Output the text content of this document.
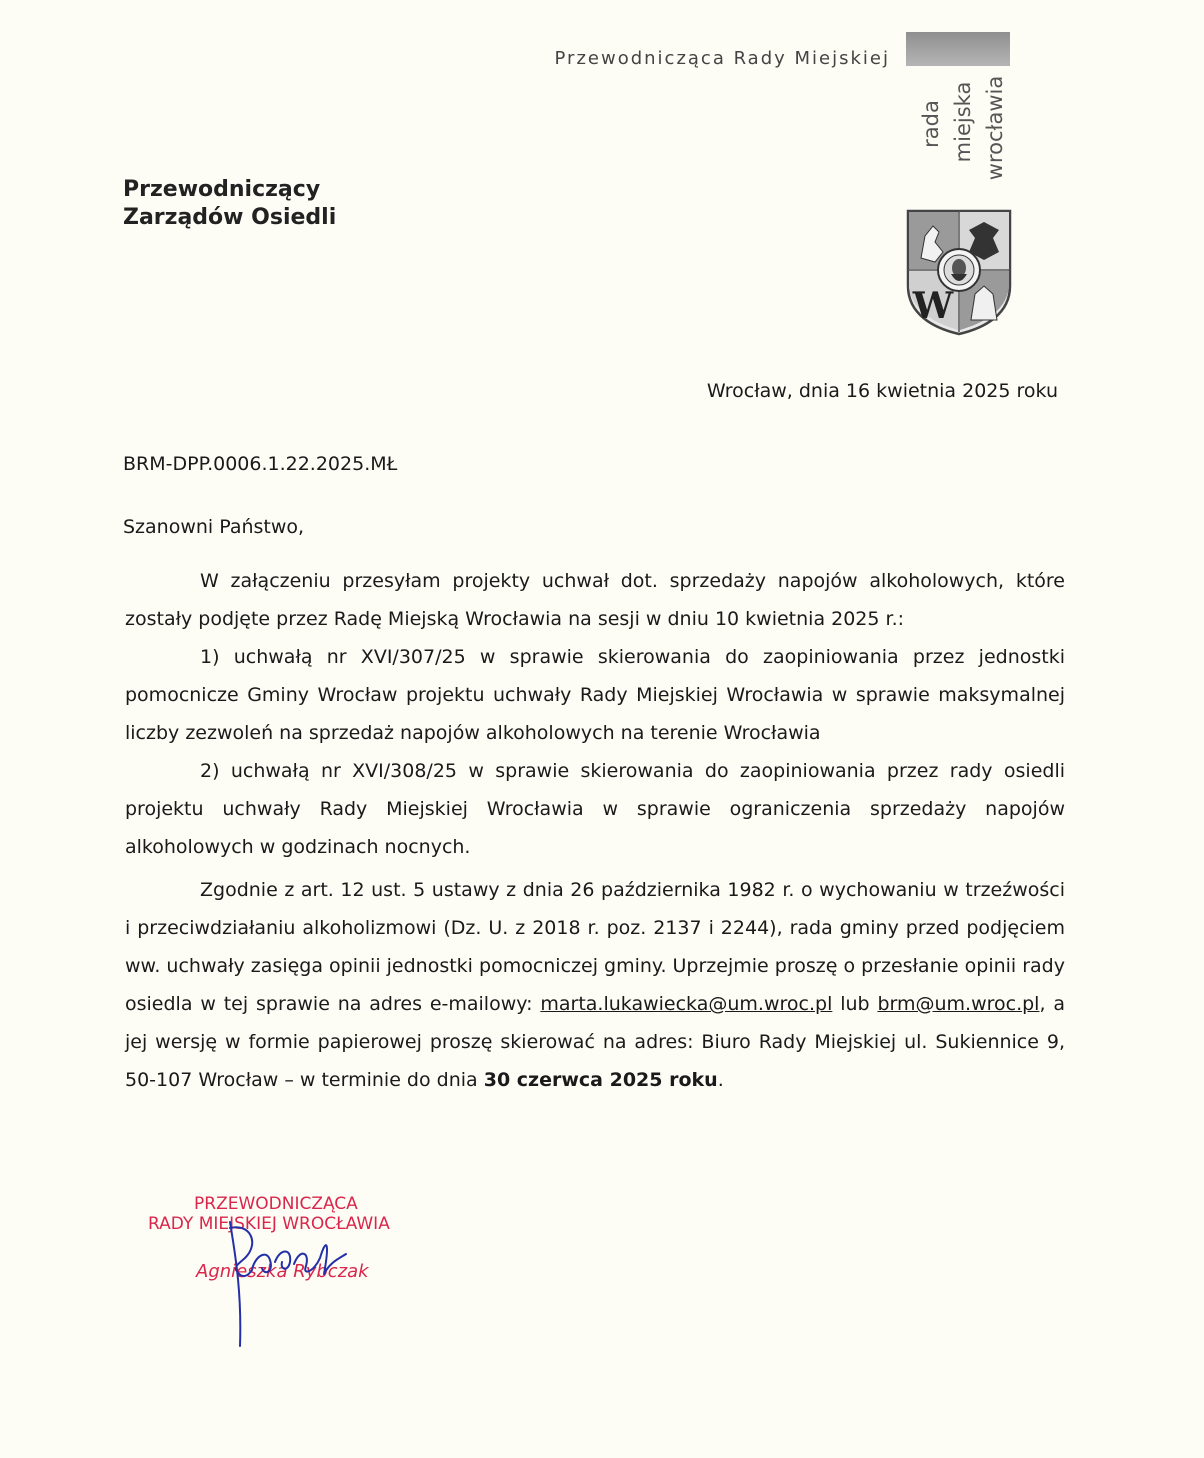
Przewodnicząca Rady Miejskiej
rada miejska wrocławia
W
Przewodniczący
Zarządów Osiedli
Wrocław, dnia 16 kwietnia 2025 roku
BRM-DPP.0006.1.22.2025.MŁ
Szanowni Państwo,

W załączeniu przesyłam projekty uchwał dot. sprzedaży napojów alkoholowych, które zostały podjęte przez Radę Miejską Wrocławia na sesji w dniu 10 kwietnia 2025 r.:

1) uchwałą nr XVI/307/25 w sprawie skierowania do zaopiniowania przez jednostki pomocnicze Gminy Wrocław projektu uchwały Rady Miejskiej Wrocławia w sprawie maksymalnej liczby zezwoleń na sprzedaż napojów alkoholowych na terenie Wrocławia

2) uchwałą nr XVI/308/25 w sprawie skierowania do zaopiniowania przez rady osiedli projektu uchwały Rady Miejskiej Wrocławia w sprawie ograniczenia sprzedaży napojów alkoholowych w godzinach nocnych.

Zgodnie z art. 12 ust. 5 ustawy z dnia 26 października 1982 r. o wychowaniu w trzeźwości i przeciwdziałaniu alkoholizmowi (Dz. U. z 2018 r. poz. 2137 i 2244), rada gminy przed podjęciem ww. uchwały zasięga opinii jednostki pomocniczej gminy. Uprzejmie proszę o przesłanie opinii rady osiedla w tej sprawie na adres e-mailowy: marta.lukawiecka@um.wroc.pl lub brm@um.wroc.pl, a jej wersję w formie papierowej proszę skierować na adres: Biuro Rady Miejskiej ul. Sukiennice 9, 50-107 Wrocław – w terminie do dnia 30 czerwca 2025 roku.

PRZEWODNICZĄCA
RADY MIEJSKIEJ WROCŁAWIA
Agnieszka Rybczak
